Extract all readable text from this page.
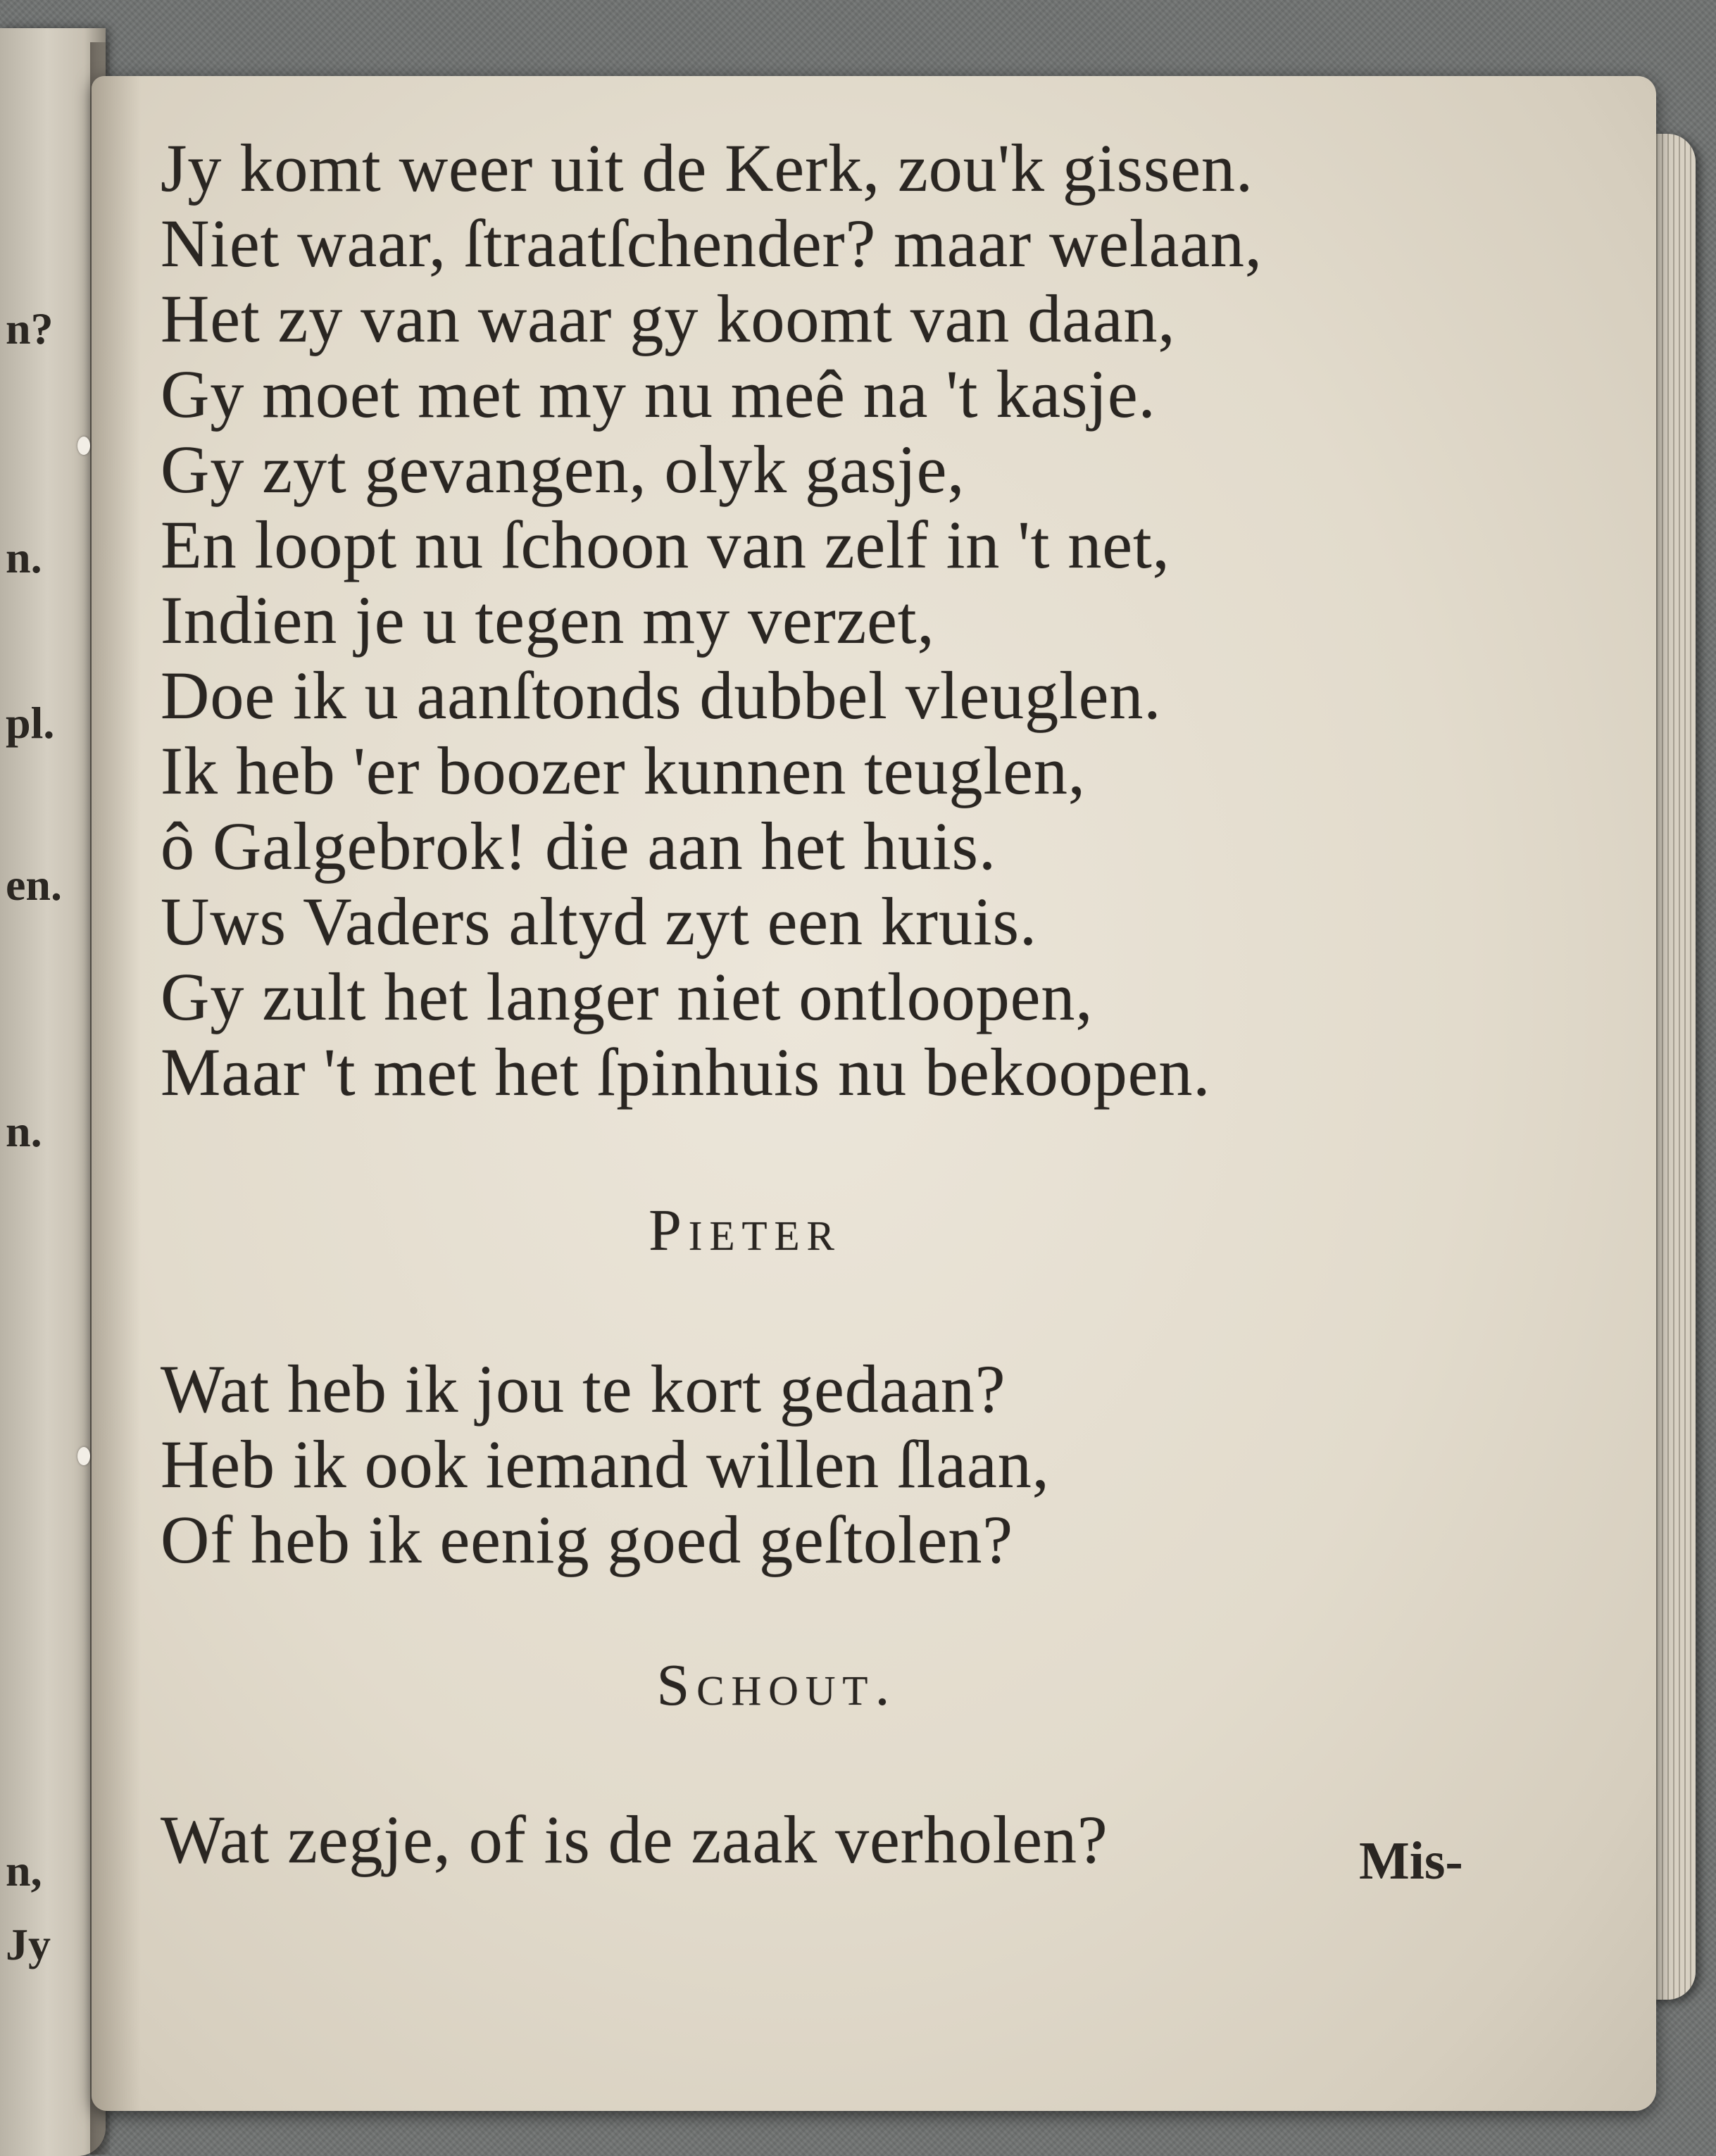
n?
n.
pl.
en.
n.
n,
Jy
Jy komt weer uit de Kerk, zou'k gissen.
Niet waar, ſtraatſchender? maar welaan,
Het zy van waar gy koomt van daan,
Gy moet met my nu meê na 't kasje.
Gy zyt gevangen, olyk gasje,
En loopt nu ſchoon van zelf in 't net,
Indien je u tegen my verzet,
Doe ik u aanſtonds dubbel vleuglen.
Ik heb 'er boozer kunnen teuglen,
ô Galgebrok! die aan het huis.
Uws Vaders altyd zyt een kruis.
Gy zult het langer niet ontloopen,
Maar 't met het ſpinhuis nu bekoopen.
Pieter
Wat heb ik jou te kort gedaan?
Heb ik ook iemand willen ſlaan,
Of heb ik eenig goed geſtolen?
Schout.
Wat zegje, of is de zaak verholen?	Mis-
